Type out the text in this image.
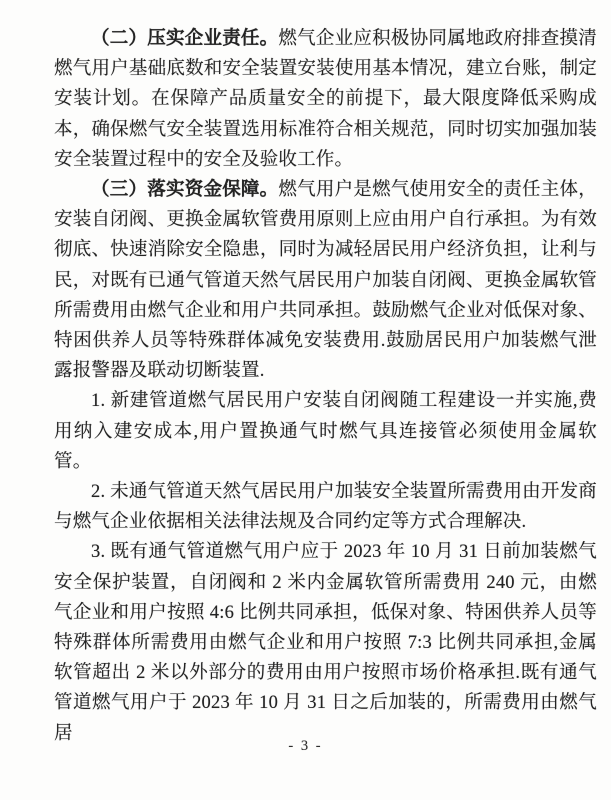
（二）压实企业责任。燃气企业应积极协同属地政府排查摸清燃气用户基础底数和安全装置安装使用基本情况，建立台账，制定安装计划。在保障产品质量安全的前提下，最大限度降低采购成本，确保燃气安全装置选用标准符合相关规范，同时切实加强加装安全装置过程中的安全及验收工作。

（三）落实资金保障。燃气用户是燃气使用安全的责任主体，安装自闭阀、更换金属软管费用原则上应由用户自行承担。为有效彻底、快速消除安全隐患，同时为减轻居民用户经济负担，让利与民，对既有已通气管道天然气居民用户加装自闭阀、更换金属软管所需费用由燃气企业和用户共同承担。鼓励燃气企业对低保对象、特困供养人员等特殊群体减免安装费用.鼓励居民用户加装燃气泄露报警器及联动切断装置.

1. 新建管道燃气居民用户安装自闭阀随工程建设一并实施,费用纳入建安成本,用户置换通气时燃气具连接管必须使用金属软管。

2. 未通气管道天然气居民用户加装安全装置所需费用由开发商与燃气企业依据相关法律法规及合同约定等方式合理解决.

3. 既有通气管道燃气用户应于 2023 年 10 月 31 日前加装燃气安全保护装置，自闭阀和 2 米内金属软管所需费用 240 元，由燃气企业和用户按照 4:6 比例共同承担，低保对象、特困供养人员等特殊群体所需费用由燃气企业和用户按照 7:3 比例共同承担,金属软管超出 2 米以外部分的费用由用户按照市场价格承担.既有通气管道燃气用户于 2023 年 10 月 31 日之后加装的，所需费用由燃气居

- 3 -
